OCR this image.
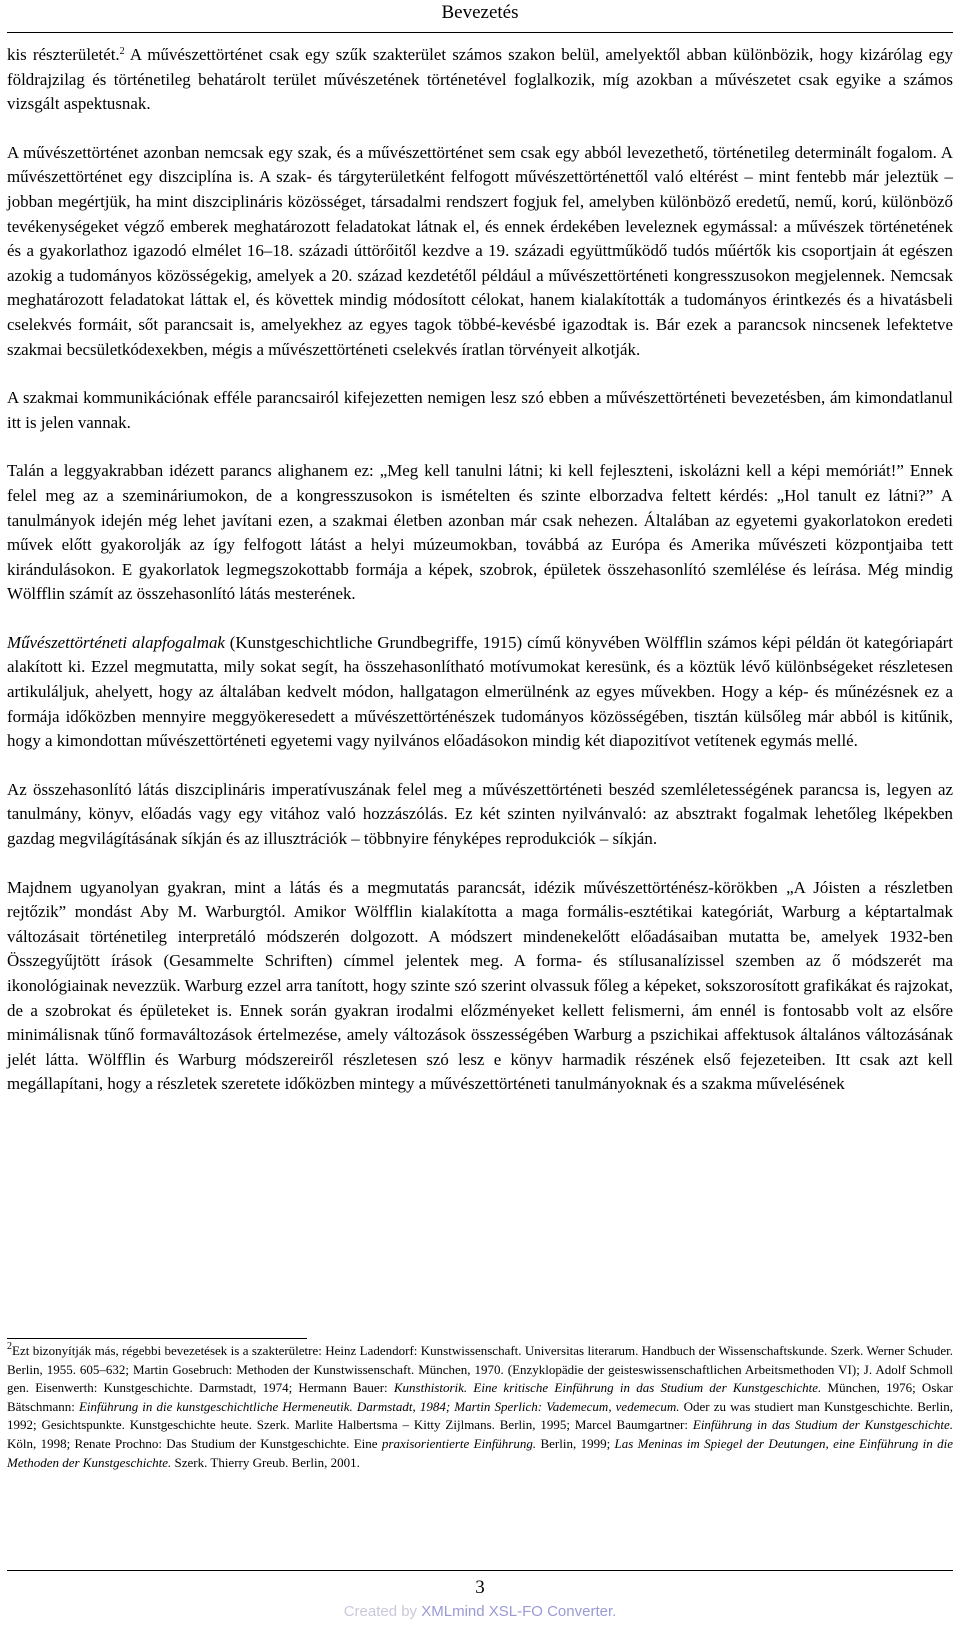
Bevezetés

kis részterületét.$^2$ A művészettörténet csak egy szűk szakterület számos szakon belül, amelyektől abban különbözik, hogy kizárólag egy földrajzilag és történetileg behatárolt terület művészetének történetével foglalkozik, míg azokban a művészetet csak egyike a számos vizsgált aspektusnak.

A művészettörténet azonban nemcsak egy szak, és a művészettörténet sem csak egy abból levezethető, történetileg determinált fogalom. A művészettörténet egy diszciplína is. A szak- és tárgyterületként felfogott művészettörténettől való eltérést – mint fentebb már jeleztük – jobban megértjük, ha mint diszciplináris közösséget, társadalmi rendszert fogjuk fel, amelyben különböző eredetű, nemű, korú, különböző tevékenységeket végző emberek meghatározott feladatokat látnak el, és ennek érdekében leveleznek egymással: a művészek történetének és a gyakorlathoz igazodó elmélet 16–18. századi úttörőitől kezdve a 19. századi együttműködő tudós műértők kis csoportjain át egészen azokig a tudományos közösségekig, amelyek a 20. század kezdetétől például a művészettörténeti kongresszusokon megjelennek. Nemcsak meghatározott feladatokat láttak el, és követtek mindig módosított célokat, hanem kialakították a tudományos érintkezés és a hivatásbeli cselekvés formáit, sőt parancsait is, amelyekhez az egyes tagok többé-kevésbé igazodtak is. Bár ezek a parancsok nincsenek lefektetve szakmai becsületkódexekben, mégis a művészettörténeti cselekvés íratlan törvényeit alkotják.

A szakmai kommunikációnak efféle parancsairól kifejezetten nemigen lesz szó ebben a művészettörténeti bevezetésben, ám kimondatlanul itt is jelen vannak.

Talán a leggyakrabban idézett parancs alighanem ez: „Meg kell tanulni látni; ki kell fejleszteni, iskolázni kell a képi memóriát!” Ennek felel meg az a szemináriumokon, de a kongresszusokon is ismételten és szinte elborzadva feltett kérdés: „Hol tanult ez látni?” A tanulmányok idején még lehet javítani ezen, a szakmai életben azonban már csak nehezen. Általában az egyetemi gyakorlatokon eredeti művek előtt gyakorolják az így felfogott látást a helyi múzeumokban, továbbá az Európa és Amerika művészeti központjaiba tett kirándulásokon. E gyakorlatok legmegszokottabb formája a képek, szobrok, épületek összehasonlító szemlélése és leírása. Még mindig Wölfflin számít az összehasonlító látás mesterének.

Művészettörténeti alapfogalmak (Kunstgeschichtliche Grundbegriffe, 1915) című könyvében Wölfflin számos képi példán öt kategóriapárt alakított ki. Ezzel megmutatta, mily sokat segít, ha összehasonlítható motívumokat keresünk, és a köztük lévő különbségeket részletesen artikuláljuk, ahelyett, hogy az általában kedvelt módon, hallgatagon elmerülnénk az egyes művekben. Hogy a kép- és műnézésnek ez a formája időközben mennyire meggyökeresedett a művészettörténészek tudományos közösségében, tisztán külsőleg már abból is kitűnik, hogy a kimondottan művészettörténeti egyetemi vagy nyilvános előadásokon mindig két diapozitívot vetítenek egymás mellé.

Az összehasonlító látás diszciplináris imperatívuszának felel meg a művészettörténeti beszéd szemléletességének parancsa is, legyen az tanulmány, könyv, előadás vagy egy vitához való hozzászólás. Ez két szinten nyilvánvaló: az absztrakt fogalmak lehetőleg lképekben gazdag megvilágításának síkján és az illusztrációk – többnyire fényképes reprodukciók – síkján.

Majdnem ugyanolyan gyakran, mint a látás és a megmutatás parancsát, idézik művészettörténész-körökben „A Jóisten a részletben rejtőzik” mondást Aby M. Warburgtól. Amikor Wölfflin kialakította a maga formális-esztétikai kategóriát, Warburg a képtartalmak változásait történetileg interpretáló módszerén dolgozott. A módszert mindenekelőtt előadásaiban mutatta be, amelyek 1932-ben Összegyűjtött írások (Gesammelte Schriften) címmel jelentek meg. A forma- és stílusanalízissel szemben az ő módszerét ma ikonológiainak nevezzük. Warburg ezzel arra tanított, hogy szinte szó szerint olvassuk főleg a képeket, sokszorosított grafikákat és rajzokat, de a szobrokat és épületeket is. Ennek során gyakran irodalmi előzményeket kellett felismerni, ám ennél is fontosabb volt az elsőre minimálisnak tűnő formaváltozások értelmezése, amely változások összességében Warburg a pszichikai affektusok általános változásának jelét látta. Wölfflin és Warburg módszereiről részletesen szó lesz e könyv harmadik részének első fejezeteiben. Itt csak azt kell megállapítani, hogy a részletek szeretete időközben mintegy a művészettörténeti tanulmányoknak és a szakma művelésének

$^2$Ezt bizonyítják más, régebbi bevezetések is a szakterületre: Heinz Ladendorf: Kunstwissenschaft. Universitas literarum. Handbuch der Wissenschaftskunde. Szerk. Werner Schuder. Berlin, 1955. 605–632; Martin Gosebruch: Methoden der Kunstwissenschaft. München, 1970. (Enzyklopädie der geisteswissenschaftlichen Arbeitsmethoden VI); J. Adolf Schmoll gen. Eisenwerth: Kunstgeschichte. Darmstadt, 1974; Hermann Bauer: Kunsthistorik. Eine kritische Einführung in das Studium der Kunstgeschichte. München, 1976; Oskar Bätschmann: Einführung in die kunstgeschichtliche Hermeneutik. Darmstadt, 1984; Martin Sperlich: Vademecum, vedemecum. Oder zu was studiert man Kunstgeschichte. Berlin, 1992; Gesichtspunkte. Kunstgeschichte heute. Szerk. Marlite Halbertsma – Kitty Zijlmans. Berlin, 1995; Marcel Baumgartner: Einführung in das Studium der Kunstgeschichte. Köln, 1998; Renate Prochno: Das Studium der Kunstgeschichte. Eine praxisorientierte Einführung. Berlin, 1999; Las Meninas im Spiegel der Deutungen, eine Einführung in die Methoden der Kunstgeschichte. Szerk. Thierry Greub. Berlin, 2001.

3
Created by XMLmind XSL-FO Converter.
